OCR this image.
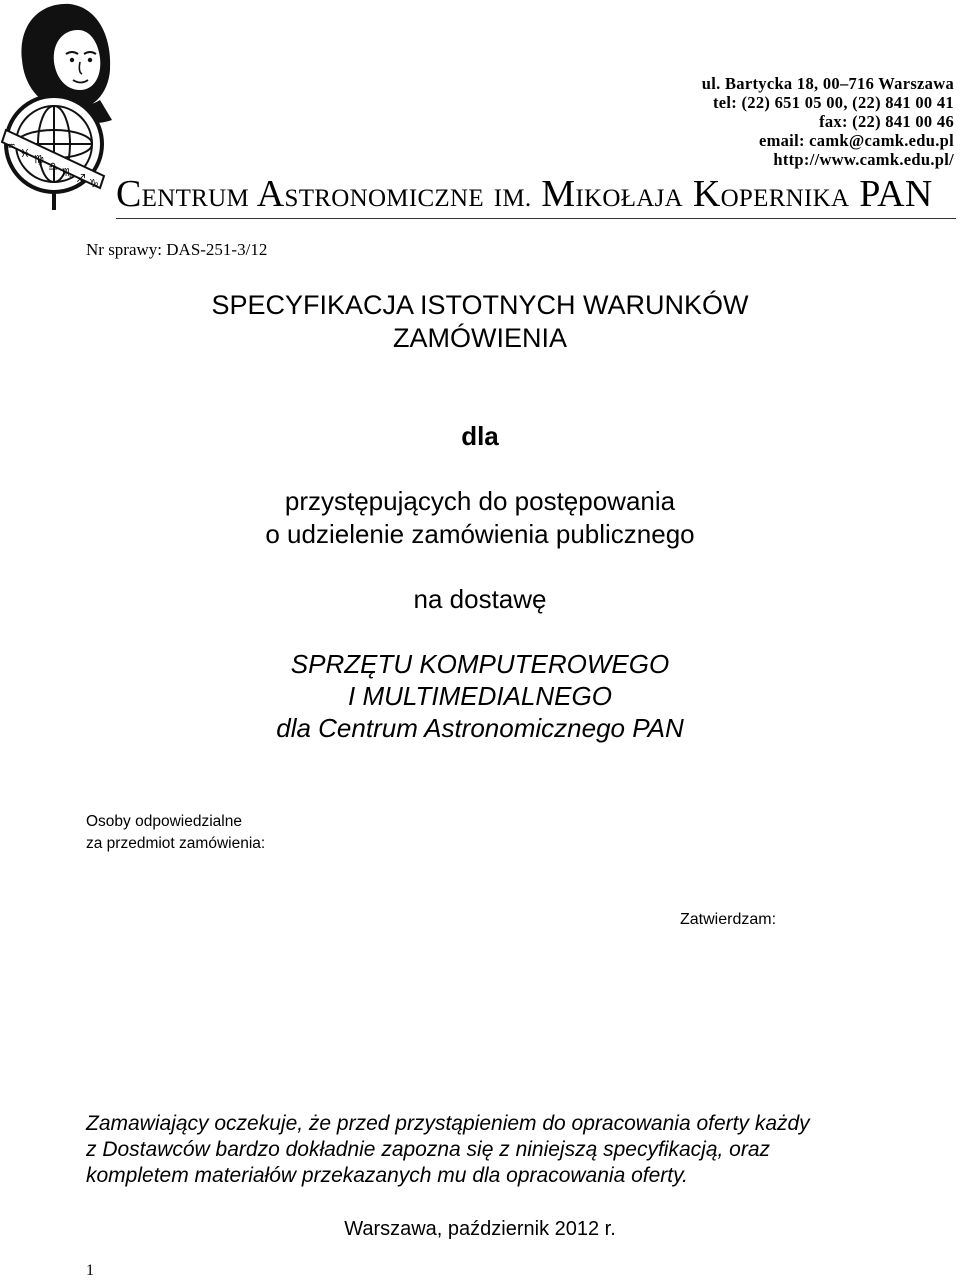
♒
♓ ♍
♎ ♏ ♐ ♑
ul. Bartycka 18, 00–716 Warszawa
tel: (22) 651 05 00, (22) 841 00 41
fax: (22) 841 00 46
email: camk@camk.edu.pl
http://www.camk.edu.pl/
CENTRUM ASTRONOMICZNE IM. MIKOŁAJA KOPERNIKA PAN
Nr sprawy: DAS-251-3/12
SPECYFIKACJA ISTOTNYCH WARUNKÓW
ZAMÓWIENIA
dla
przystępujących do postępowania
o udzielenie zamówienia publicznego
na dostawę
SPRZĘTU KOMPUTEROWEGO
I MULTIMEDIALNEGO
dla Centrum Astronomicznego PAN
Osoby odpowiedzialne
za przedmiot zamówienia:
Zatwierdzam:
Zamawiający oczekuje, że przed przystąpieniem do opracowania oferty każdy
z Dostawców bardzo dokładnie zapozna się z niniejszą specyfikacją, oraz
kompletem materiałów przekazanych mu dla opracowania oferty.
Warszawa, październik 2012 r.
1
